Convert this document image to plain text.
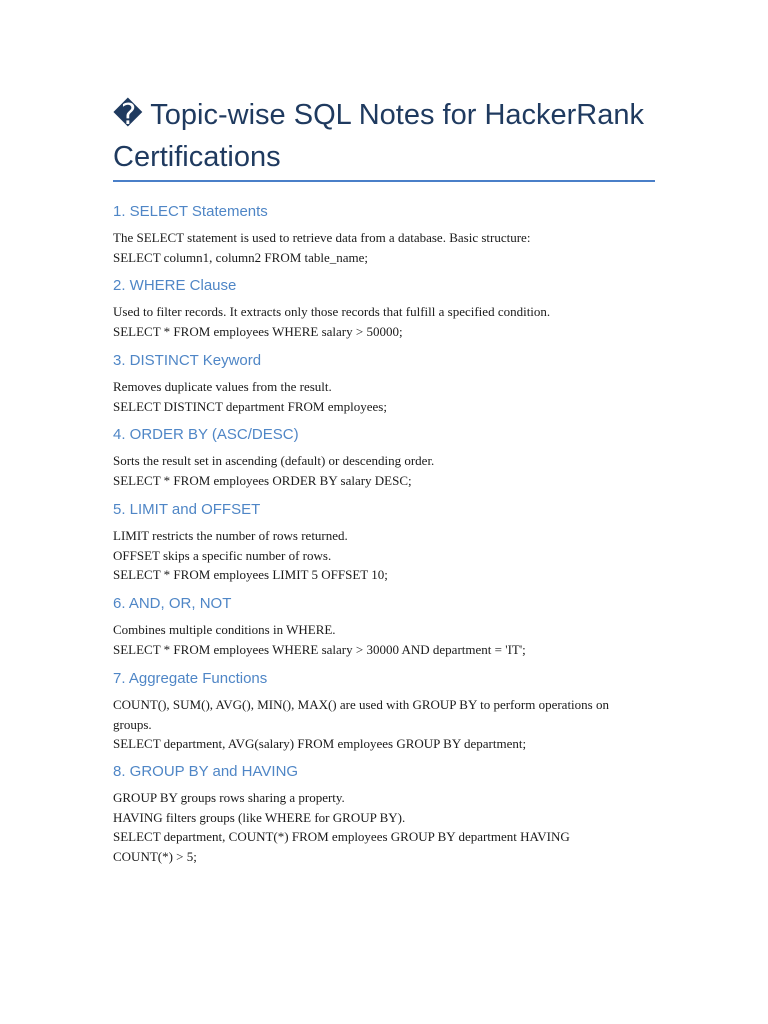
� Topic-wise SQL Notes for HackerRank Certifications
1. SELECT Statements

The SELECT statement is used to retrieve data from a database. Basic structure:

SELECT column1, column2 FROM table_name;

2. WHERE Clause

Used to filter records. It extracts only those records that fulfill a specified condition.

SELECT * FROM employees WHERE salary > 50000;

3. DISTINCT Keyword

Removes duplicate values from the result.

SELECT DISTINCT department FROM employees;

4. ORDER BY (ASC/DESC)

Sorts the result set in ascending (default) or descending order.

SELECT * FROM employees ORDER BY salary DESC;

5. LIMIT and OFFSET

LIMIT restricts the number of rows returned.

OFFSET skips a specific number of rows.

SELECT * FROM employees LIMIT 5 OFFSET 10;

6. AND, OR, NOT

Combines multiple conditions in WHERE.

SELECT * FROM employees WHERE salary > 30000 AND department = 'IT';

7. Aggregate Functions

COUNT(), SUM(), AVG(), MIN(), MAX() are used with GROUP BY to perform operations on

groups.

SELECT department, AVG(salary) FROM employees GROUP BY department;

8. GROUP BY and HAVING

GROUP BY groups rows sharing a property.

HAVING filters groups (like WHERE for GROUP BY).

SELECT department, COUNT(*) FROM employees GROUP BY department HAVING

COUNT(*) > 5;
